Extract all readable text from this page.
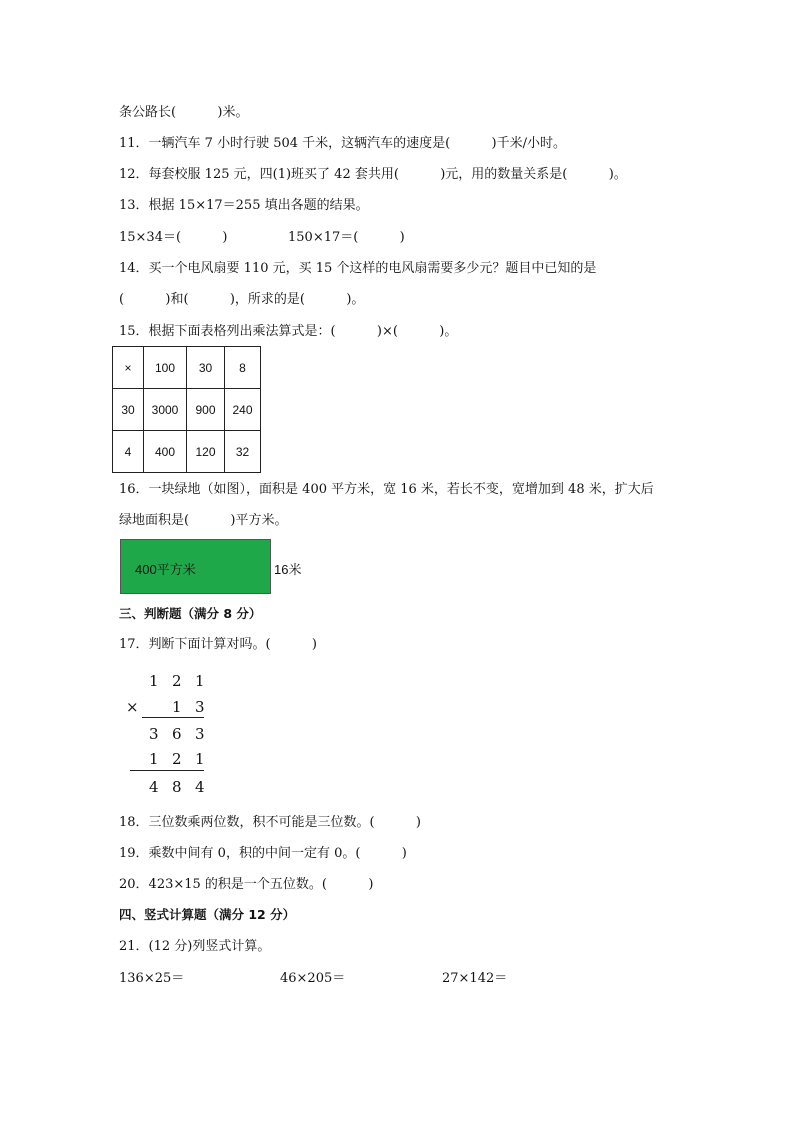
条公路长(          )米。
11．一辆汽车 7 小时行驶 504 千米，这辆汽车的速度是(          )千米/小时。
12．每套校服 125 元，四(1)班买了 42 套共用(          )元，用的数量关系是(          )。
13．根据 15×17＝255 填出各题的结果。
15×34＝(          )	150×17＝(          )
14．买一个电风扇要 110 元，买 15 个这样的电风扇需要多少元？题目中已知的是
(          )和(          )，所求的是(          )。
15．根据下面表格列出乘法算式是：(          )×(          )。
×	100	30	8
30	3000	900	240
4	400	120	32
16．一块绿地（如图），面积是 400 平方米，宽 16 米，若长不变，宽增加到 48 米，扩大后
绿地面积是(          )平方米。
400平方米	16米
三、判断题（满分 8 分）
17．判断下面计算对吗。(          )
1 2 1
× 1 3
3 6 3
1 2 1
4 8 4
18．三位数乘两位数，积不可能是三位数。(          )
19．乘数中间有 0，积的中间一定有 0。(          )
20．423×15 的积是一个五位数。(          )
四、竖式计算题（满分 12 分）
21．(12 分)列竖式计算。
136×25＝	46×205＝	27×142＝
